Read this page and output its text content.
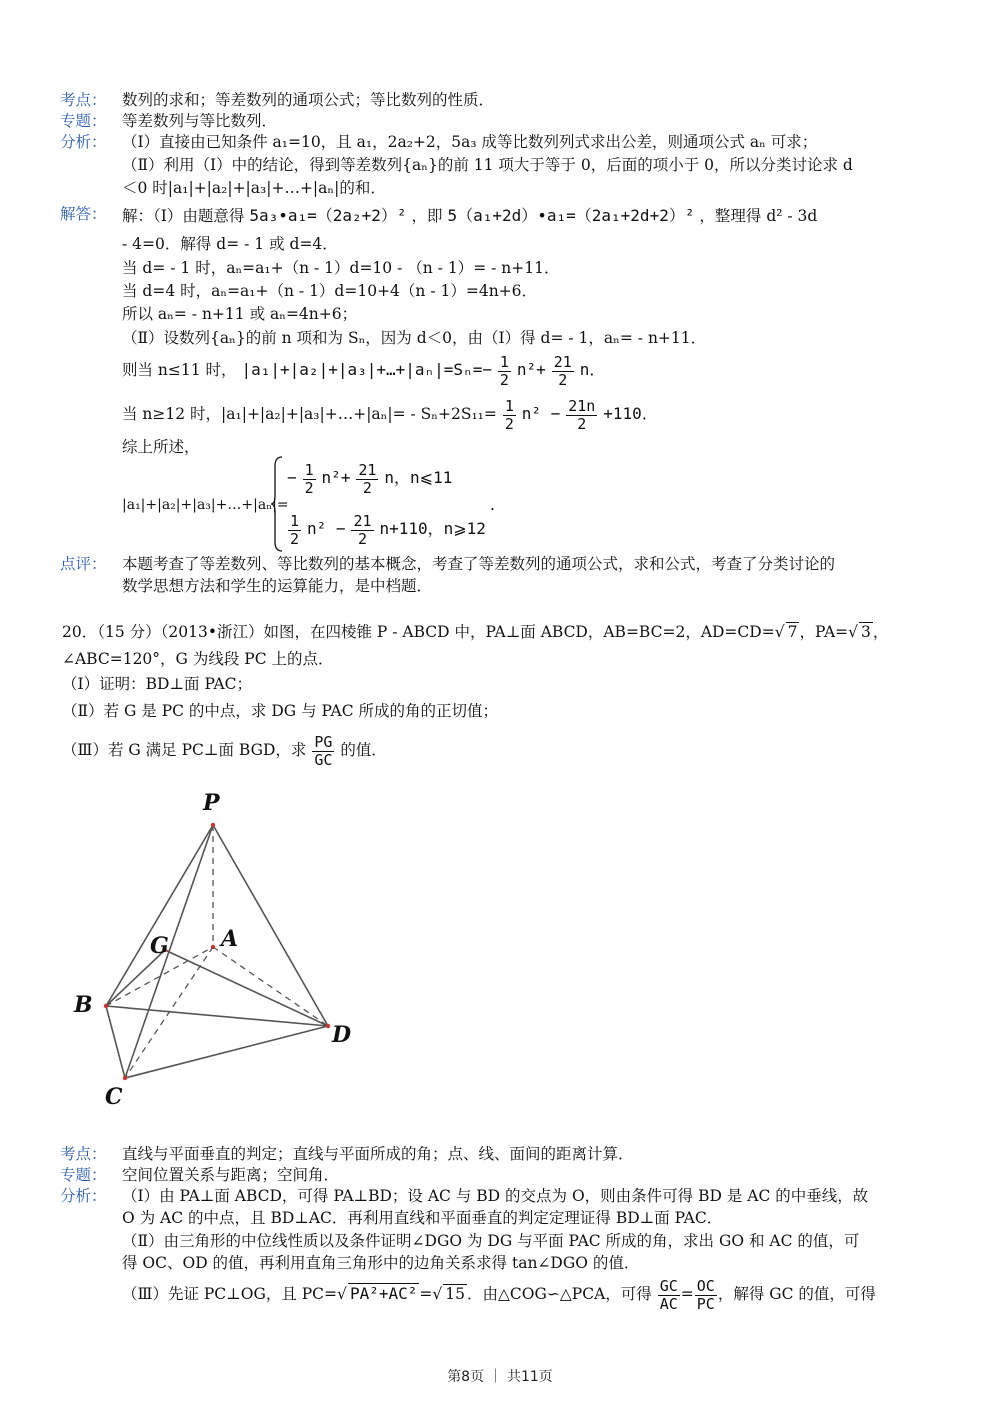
考点： 数列的求和；等差数列的通项公式；等比数列的性质．
专题： 等差数列与等比数列．
分析： （Ⅰ）直接由已知条件 a₁=10，且 a₁，2a₂+2，5a₃ 成等比数列列式求出公差，则通项公式 aₙ 可求；
（Ⅱ）利用（Ⅰ）中的结论，得到等差数列{aₙ}的前 11 项大于等于 0，后面的项小于 0，所以分类讨论求 d
＜0 时|a₁|+|a₂|+|a₃|+…+|aₙ|的和．
解答： 解：（Ⅰ）由题意得 5a₃•a₁=（2a₂+2）² ，即 5（a₁+2d）•a₁=（2a₁+2d+2）² ，整理得 d² - 3d
- 4=0．解得 d= - 1 或 d=4．
当 d= - 1 时，aₙ=a₁+（n - 1）d=10 - （n - 1）= - n+11．
当 d=4 时，aₙ=a₁+（n - 1）d=10+4（n - 1）=4n+6．
所以 aₙ= - n+11 或 aₙ=4n+6；
（Ⅱ）设数列{aₙ}的前 n 项和为 Sₙ，因为 d＜0，由（Ⅰ）得 d= - 1，aₙ= - n+11．
则当 n≤11 时， |a₁|+|a₂|+|a₃|+…+|aₙ|=Sₙ=− $\frac{1}{2} n^2+ \frac{21}{2}$ n．
当 n≥12 时，|a₁|+|a₂|+|a₃|+…+|aₙ|= - $S_n+2S_{11}= \frac{1}{2} n^2 - \frac{21n}{2} +110$．
综上所述，
|a₁|+|a₂|+|a₃|+…+|aₙ|=
− $\frac{1}{2} n^2+ \frac{21}{2}$ n，n⩽11
$\frac{1}{2} n^2 - \frac{21}{2} n+110$，n⩾12
.
点评： 本题考查了等差数列、等比数列的基本概念，考查了等差数列的通项公式，求和公式，考查了分类讨论的
数学思想方法和学生的运算能力，是中档题．
20．（15 分）（2013•浙江）如图，在四棱锥 P - ABCD 中，PA⊥面 ABCD，AB=BC=2，AD=CD=√ 7 ，PA=√ 3 ，
∠ABC=120°，G 为线段 PC 上的点．
（Ⅰ）证明：BD⊥面 PAC；
（Ⅱ）若 G 是 PC 的中点，求 DG 与 PAC 所成的角的正切值；
（Ⅲ）若 G 满足 PC⊥面 BGD，求 $\frac{PG}{GC}$ 的值．
P
A
G
B
D
C
考点： 直线与平面垂直的判定；直线与平面所成的角；点、线、面间的距离计算．
专题： 空间位置关系与距离；空间角．
分析： （Ⅰ）由 PA⊥面 ABCD，可得 PA⊥BD；设 AC 与 BD 的交点为 O，则由条件可得 BD 是 AC 的中垂线，故
O 为 AC 的中点，且 BD⊥AC．再利用直线和平面垂直的判定定理证得 BD⊥面 PAC．
（Ⅱ）由三角形的中位线性质以及条件证明∠DGO 为 DG 与平面 PAC 所成的角，求出 GO 和 AC 的值，可
得 OC、OD 的值，再利用直角三角形中的边角关系求得 tan∠DGO 的值．
（Ⅲ）先证 PC⊥OG，且 PC=√ PA²+AC² =√ 15 ．由△COG∽△PCA，可得 $\frac{GC}{AC} = \frac{OC}{PC}$ ，解得 GC 的值，可得
第8页 ｜ 共11页
